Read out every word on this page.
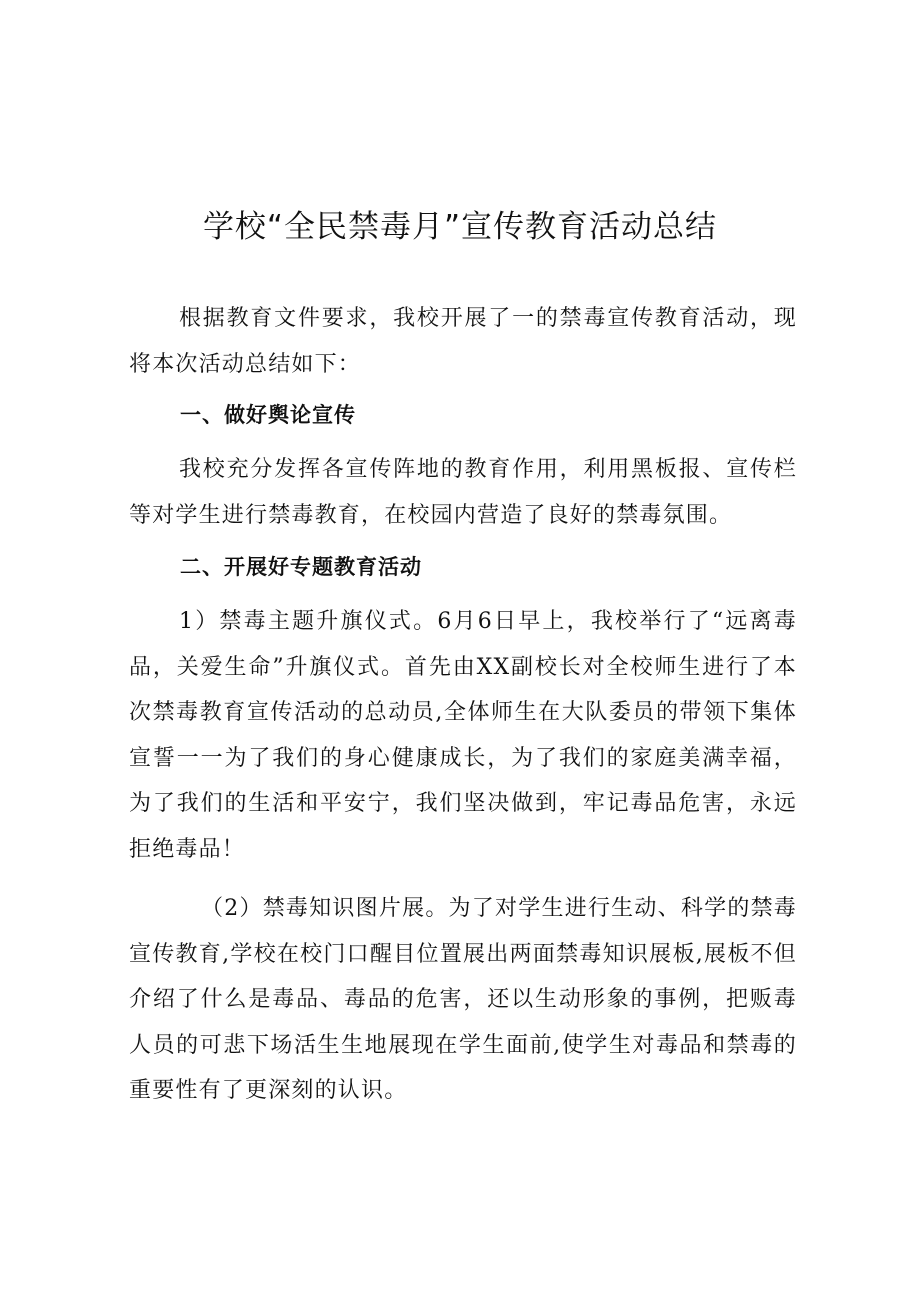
学校“全民禁毒月”宣传教育活动总结

根据教育文件要求，我校开展了一的禁毒宣传教育活动，现将本次活动总结如下：

一、做好舆论宣传

我校充分发挥各宣传阵地的教育作用，利用黑板报、宣传栏等对学生进行禁毒教育，在校园内营造了良好的禁毒氛围。

二、开展好专题教育活动

1）禁毒主题升旗仪式。6月6日早上，我校举行了“远离毒品，关爱生命”升旗仪式。首先由XX副校长对全校师生进行了本次禁毒教育宣传活动的总动员,全体师生在大队委员的带领下集体宣誓一一为了我们的身心健康成长，为了我们的家庭美满幸福，为了我们的生活和平安宁，我们坚决做到，牢记毒品危害，永远拒绝毒品！

（2）禁毒知识图片展。为了对学生进行生动、科学的禁毒宣传教育,学校在校门口醒目位置展出两面禁毒知识展板,展板不但介绍了什么是毒品、毒品的危害，还以生动形象的事例，把贩毒人员的可悲下场活生生地展现在学生面前,使学生对毒品和禁毒的重要性有了更深刻的认识。
